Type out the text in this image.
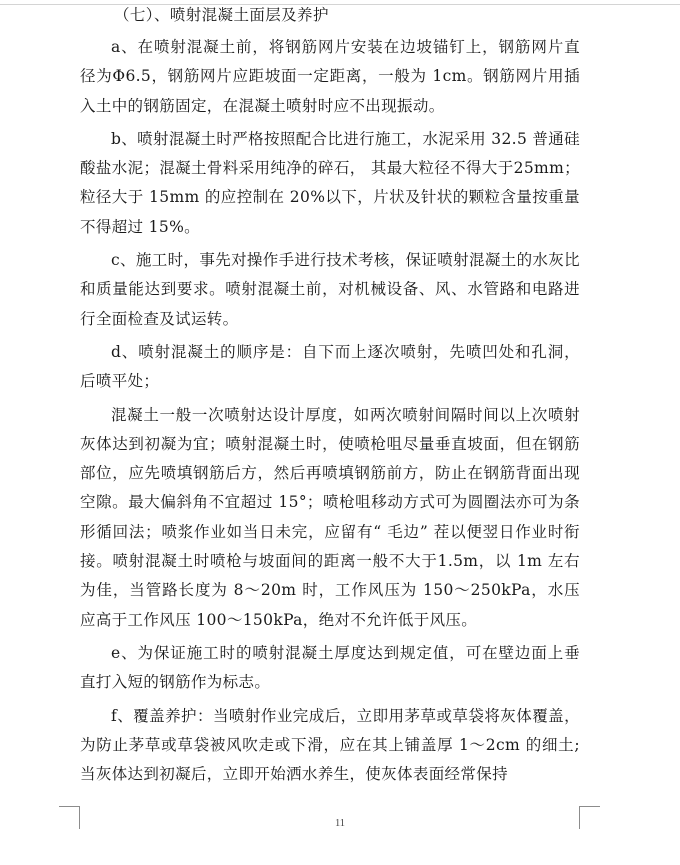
（七）、喷射混凝土面层及养护

a、在喷射混凝土前，将钢筋网片安装在边坡锚钉上，钢筋网片直径为Φ6.5，钢筋网片应距坡面一定距离，一般为 1cm。钢筋网片用插入土中的钢筋固定，在混凝土喷射时应不出现振动。

b、喷射混凝土时严格按照配合比进行施工，水泥采用 32.5 普通硅酸盐水泥；混凝土骨料采用纯净的碎石， 其最大粒径不得大于25mm；粒径大于 15mm 的应控制在 20%以下，片状及针状的颗粒含量按重量不得超过 15%。

c、施工时，事先对操作手进行技术考核，保证喷射混凝土的水灰比和质量能达到要求。喷射混凝土前，对机械设备、风、水管路和电路进行全面检查及试运转。

d、喷射混凝土的顺序是：自下而上逐次喷射，先喷凹处和孔洞，后喷平处；

混凝土一般一次喷射达设计厚度，如两次喷射间隔时间以上次喷射灰体达到初凝为宜；喷射混凝土时，使喷枪咀尽量垂直坡面，但在钢筋部位，应先喷填钢筋后方，然后再喷填钢筋前方，防止在钢筋背面出现空隙。最大偏斜角不宜超过 15°；喷枪咀移动方式可为圆圈法亦可为条形循回法；喷浆作业如当日未完，应留有“ 毛边” 茬以便翌日作业时衔接。喷射混凝土时喷枪与坡面间的距离一般不大于1.5m，以 1m 左右为佳，当管路长度为 8～20m 时，工作风压为 150～250kPa，水压应高于工作风压 100～150kPa，绝对不允许低于风压。

e、为保证施工时的喷射混凝土厚度达到规定值，可在壁边面上垂直打入短的钢筋作为标志。

f、覆盖养护：当喷射作业完成后，立即用茅草或草袋将灰体覆盖，为防止茅草或草袋被风吹走或下滑，应在其上铺盖厚 1～2cm 的细土;当灰体达到初凝后，立即开始洒水养生，使灰体表面经常保持

11
